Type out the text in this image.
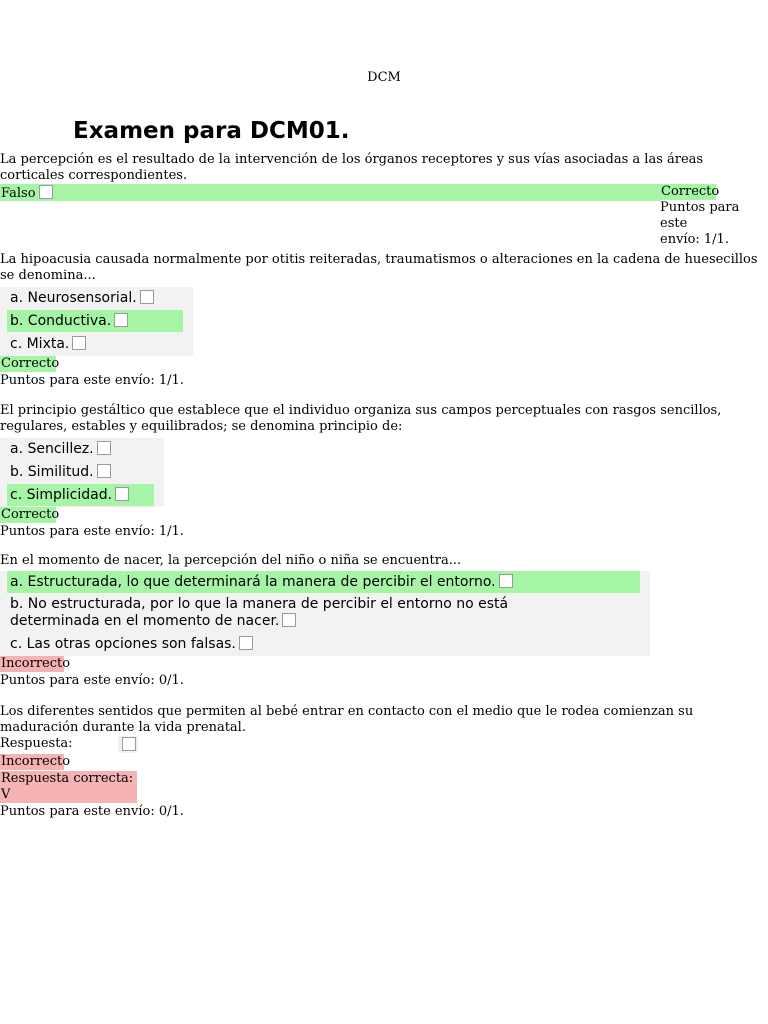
DCM
Examen para DCM01.

La percepción es el resultado de la intervención de los órganos receptores y sus vías asociadas a las áreas corticales correspondientes.

Falso	Correcto
Puntos para este
envío: 1/1.

La hipoacusia causada normalmente por otitis reiteradas, traumatismos o alteraciones en la cadena de huesecillos se denomina...

a. Neurosensorial.
b. Conductiva.
c. Mixta.
Correcto
Puntos para este envío: 1/1.

El principio gestáltico que establece que el individuo organiza sus campos perceptuales con rasgos sencillos, regulares, estables y equilibrados; se denomina principio de:

a. Sencillez.
b. Similitud.
c. Simplicidad.
Correcto
Puntos para este envío: 1/1.

En el momento de nacer, la percepción del niño o niña se encuentra...

a. Estructurada, lo que determinará la manera de percibir el entorno.
b. No estructurada, por lo que la manera de percibir el entorno no está
determinada en el momento de nacer.
c. Las otras opciones son falsas.
Incorrecto
Puntos para este envío: 0/1.

Los diferentes sentidos que permiten al bebé entrar en contacto con el medio que le rodea comienzan su maduración durante la vida prenatal.

Respuesta:
Incorrecto
Respuesta correcta: V
Puntos para este envío: 0/1.
